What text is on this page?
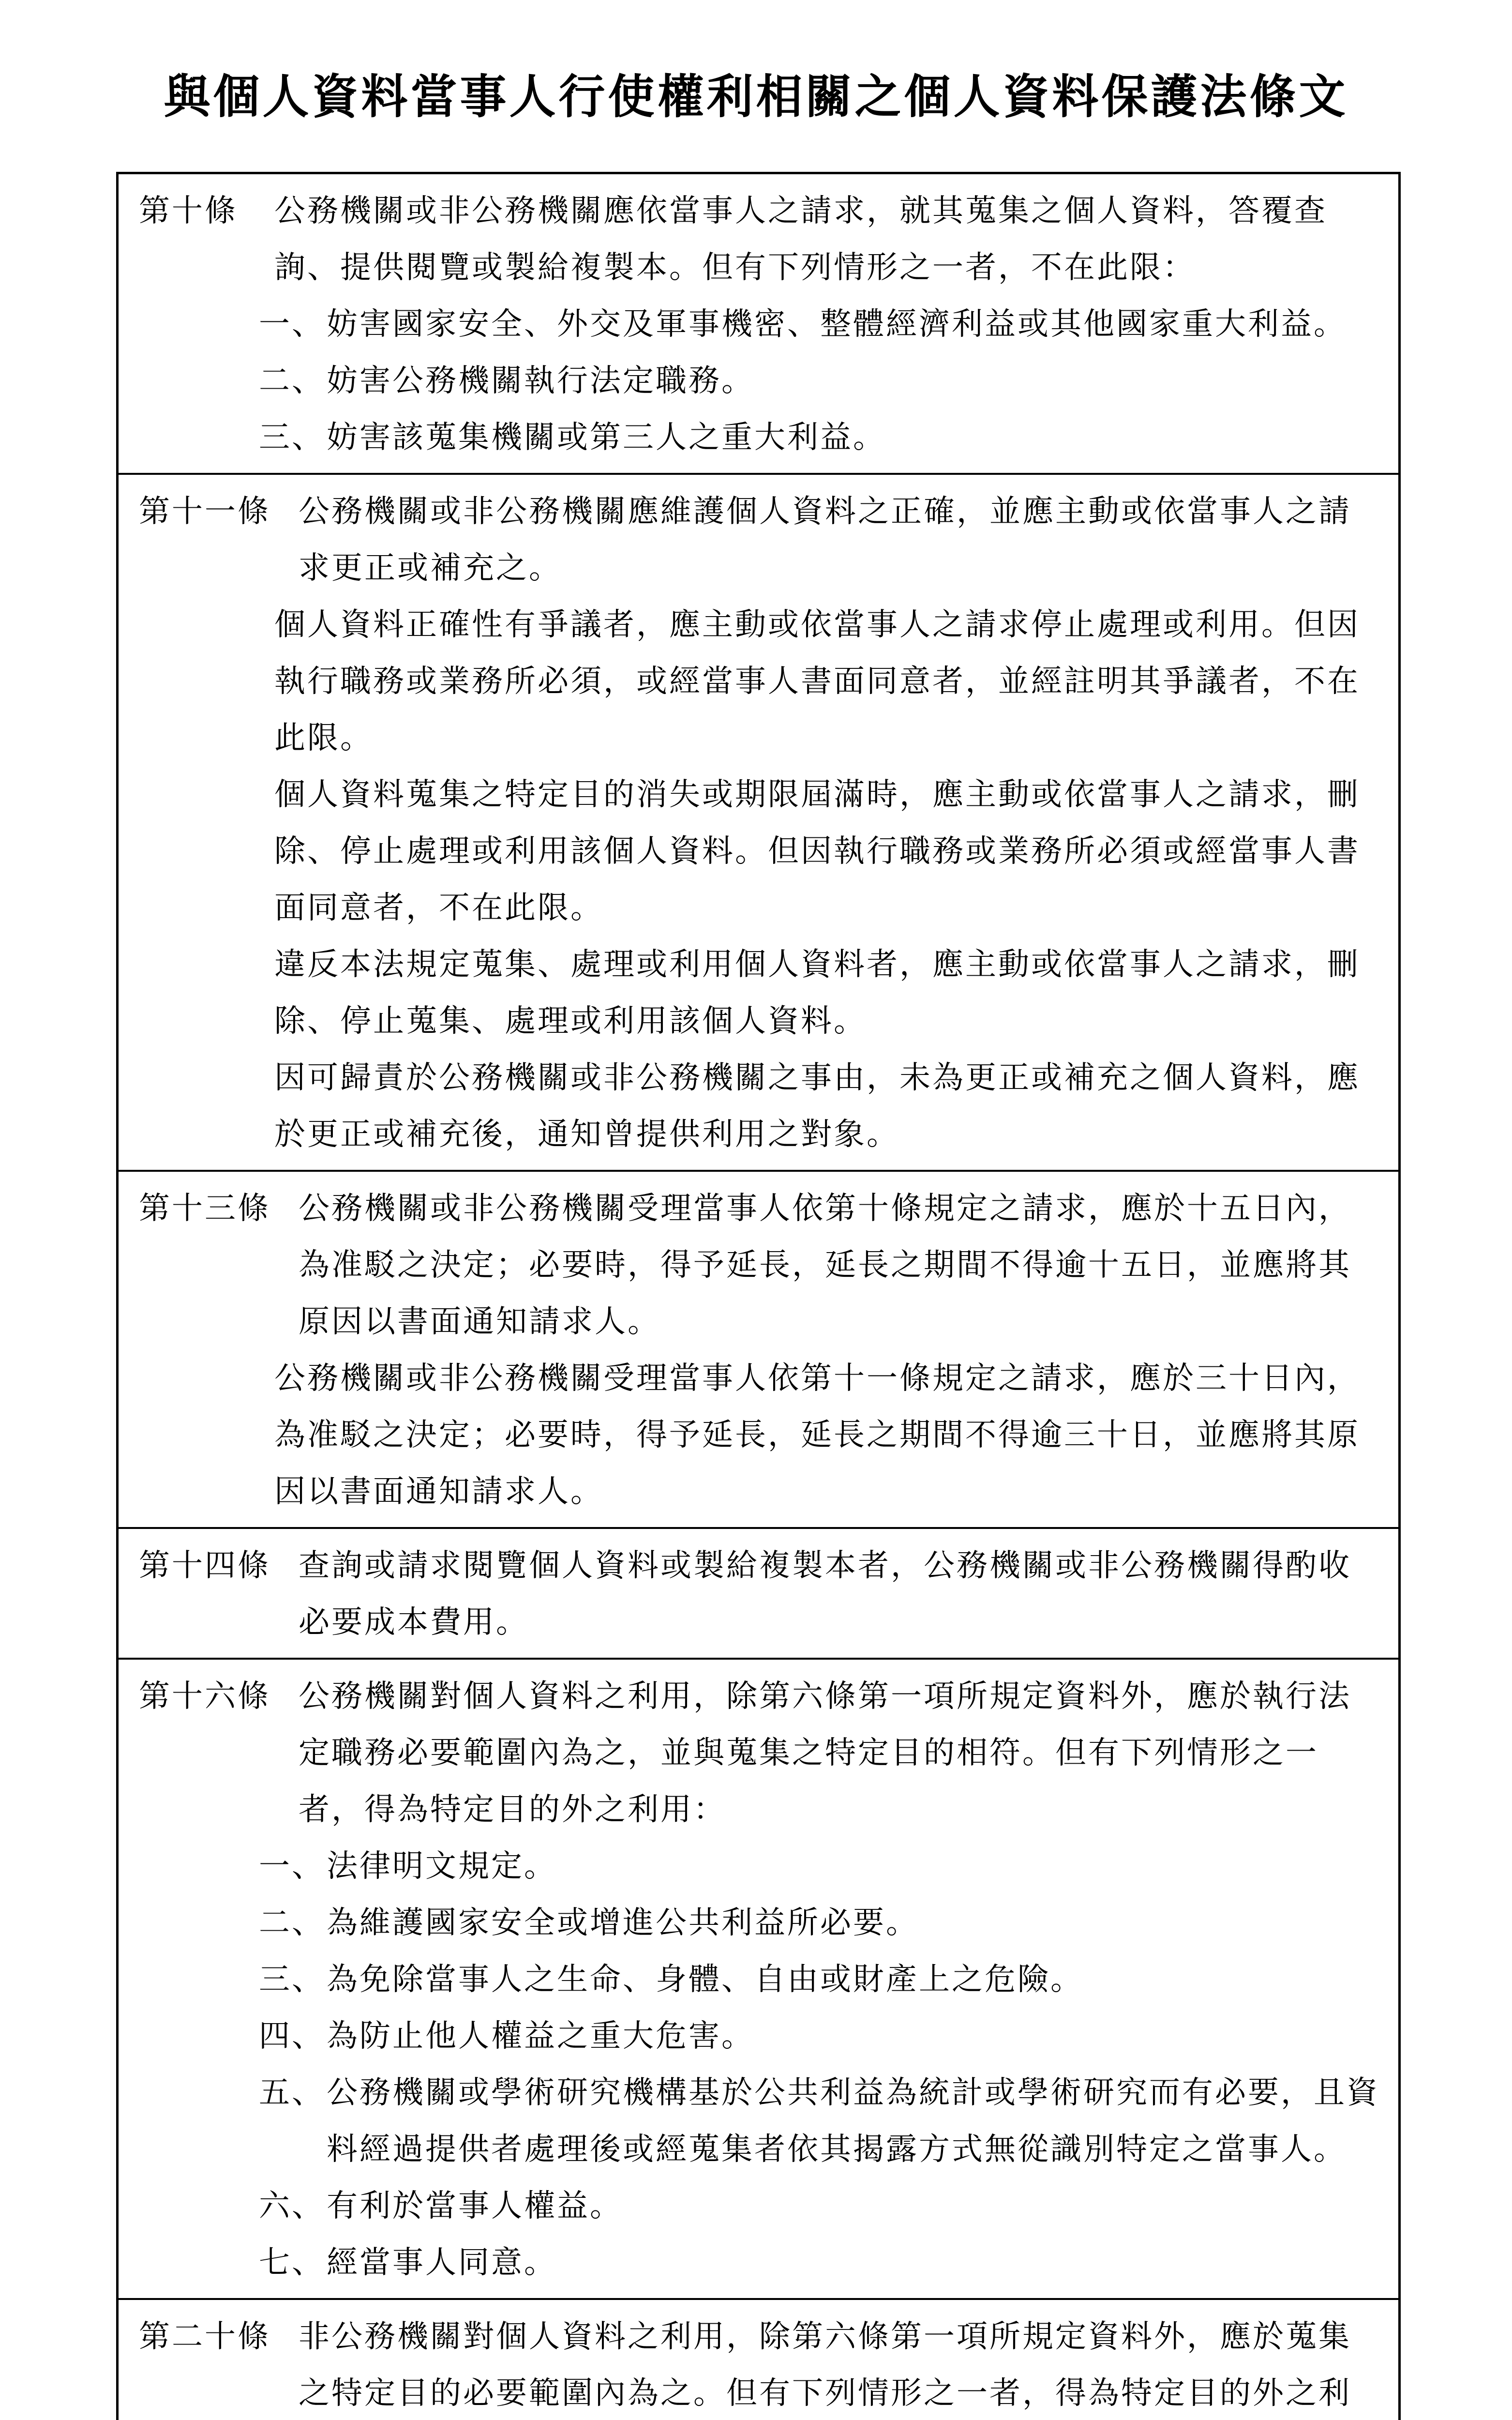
與個人資料當事人行使權利相關之個人資料保護法條文

第十條 公務機關或非公務機關應依當事人之請求，就其蒐集之個人資料，答覆查詢、提供閱覽或製給複製本。但有下列情形之一者，不在此限：

一、妨害國家安全、外交及軍事機密、整體經濟利益或其他國家重大利益。

二、妨害公務機關執行法定職務。

三、妨害該蒐集機關或第三人之重大利益。

第十一條 公務機關或非公務機關應維護個人資料之正確，並應主動或依當事人之請求更正或補充之。

個人資料正確性有爭議者，應主動或依當事人之請求停止處理或利用。但因執行職務或業務所必須，或經當事人書面同意者，並經註明其爭議者，不在此限。

個人資料蒐集之特定目的消失或期限屆滿時，應主動或依當事人之請求，刪除、停止處理或利用該個人資料。但因執行職務或業務所必須或經當事人書面同意者，不在此限。

違反本法規定蒐集、處理或利用個人資料者，應主動或依當事人之請求，刪除、停止蒐集、處理或利用該個人資料。

因可歸責於公務機關或非公務機關之事由，未為更正或補充之個人資料，應於更正或補充後，通知曾提供利用之對象。

第十三條 公務機關或非公務機關受理當事人依第十條規定之請求，應於十五日內，為准駁之決定；必要時，得予延長，延長之期間不得逾十五日，並應將其原因以書面通知請求人。

公務機關或非公務機關受理當事人依第十一條規定之請求，應於三十日內，為准駁之決定；必要時，得予延長，延長之期間不得逾三十日，並應將其原因以書面通知請求人。

第十四條 查詢或請求閱覽個人資料或製給複製本者，公務機關或非公務機關得酌收必要成本費用。

第十六條 公務機關對個人資料之利用，除第六條第一項所規定資料外，應於執行法定職務必要範圍內為之，並與蒐集之特定目的相符。但有下列情形之一者，得為特定目的外之利用：

一、法律明文規定。

二、為維護國家安全或增進公共利益所必要。

三、為免除當事人之生命、身體、自由或財產上之危險。

四、為防止他人權益之重大危害。

五、公務機關或學術研究機構基於公共利益為統計或學術研究而有必要，且資料經過提供者處理後或經蒐集者依其揭露方式無從識別特定之當事人。

六、有利於當事人權益。

七、經當事人同意。

第二十條 非公務機關對個人資料之利用，除第六條第一項所規定資料外，應於蒐集之特定目的必要範圍內為之。但有下列情形之一者，得為特定目的外之利
